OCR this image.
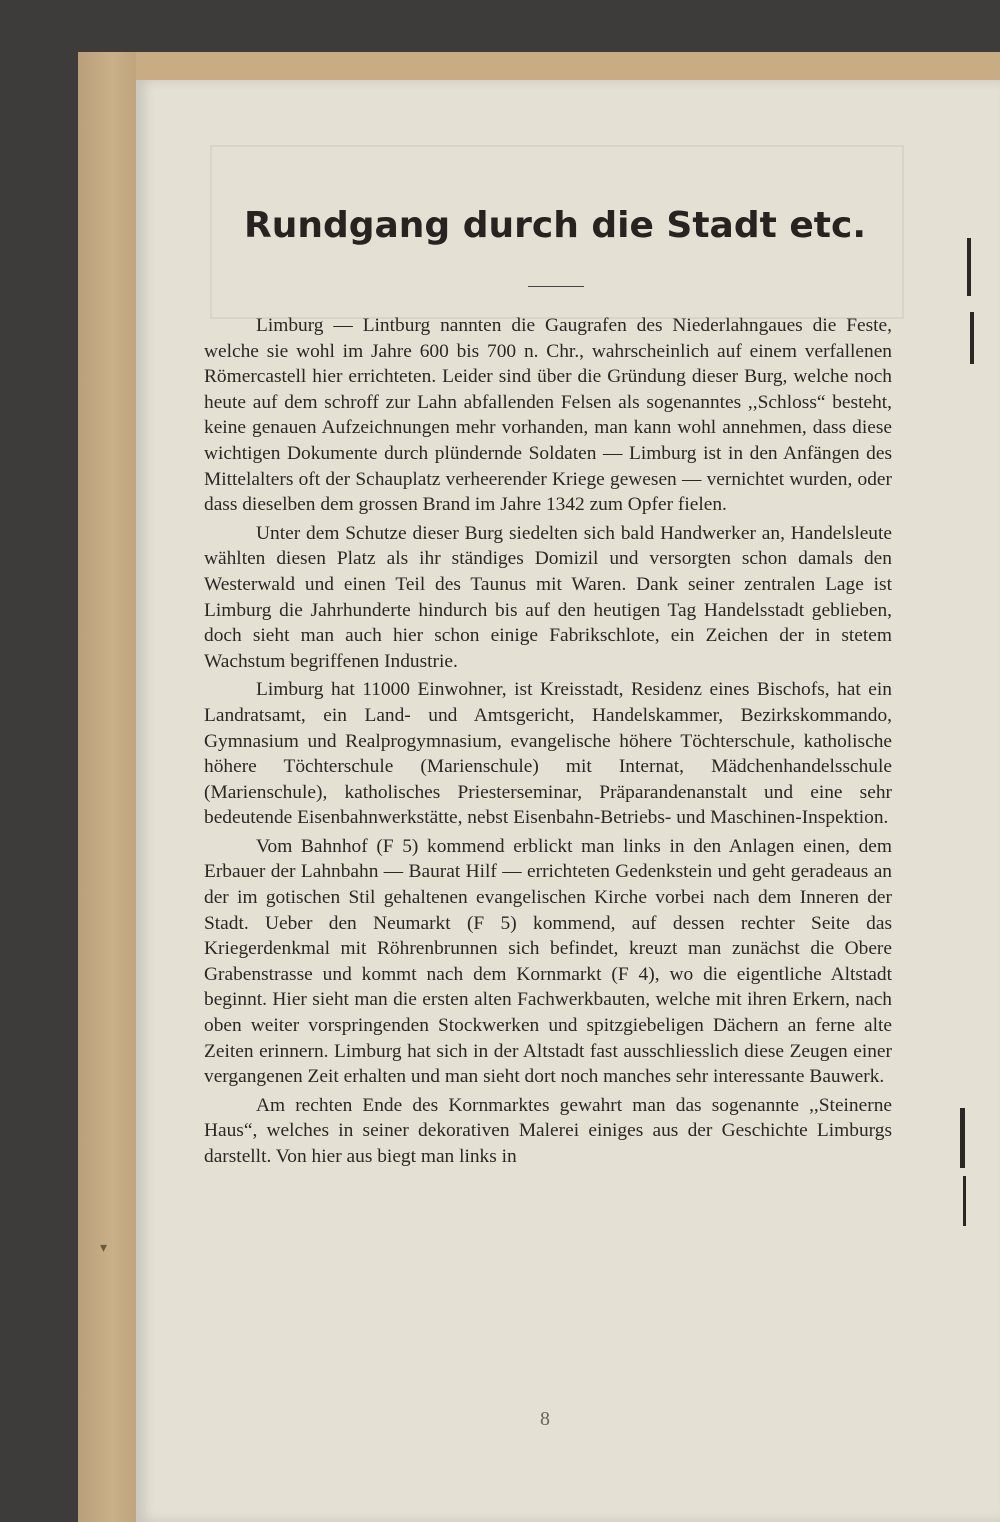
Rundgang durch die Stadt etc.

Limburg — Lintburg nannten die Gaugrafen des Niederlahngaues die Feste, welche sie wohl im Jahre 600 bis 700 n. Chr., wahrscheinlich auf einem verfallenen Römercastell hier errichteten. Leider sind über die Gründung dieser Burg, welche noch heute auf dem schroff zur Lahn abfallenden Felsen als sogenanntes ,,Schloss“ besteht, keine genauen Aufzeichnungen mehr vorhanden, man kann wohl annehmen, dass diese wichtigen Dokumente durch plündernde Soldaten — Limburg ist in den Anfängen des Mittelalters oft der Schauplatz verheerender Kriege gewesen — vernichtet wurden, oder dass dieselben dem grossen Brand im Jahre 1342 zum Opfer fielen.

Unter dem Schutze dieser Burg siedelten sich bald Handwerker an, Handelsleute wählten diesen Platz als ihr ständiges Domizil und versorgten schon damals den Westerwald und einen Teil des Taunus mit Waren. Dank seiner zentralen Lage ist Limburg die Jahrhunderte hindurch bis auf den heutigen Tag Handelsstadt geblieben, doch sieht man auch hier schon einige Fabrikschlote, ein Zeichen der in stetem Wachstum begriffenen Industrie.

Limburg hat 11000 Einwohner, ist Kreisstadt, Residenz eines Bischofs, hat ein Landratsamt, ein Land- und Amtsgericht, Handelskammer, Bezirkskommando, Gymnasium und Realprogymnasium, evangelische höhere Töchterschule, katholische höhere Töchterschule (Marienschule) mit Internat, Mädchenhandelsschule (Marienschule), katholisches Priesterseminar, Präparandenanstalt und eine sehr bedeutende Eisenbahnwerkstätte, nebst Eisenbahn-Betriebs- und Maschinen-Inspektion.

Vom Bahnhof (F 5) kommend erblickt man links in den Anlagen einen, dem Erbauer der Lahnbahn — Baurat Hilf — errichteten Gedenkstein und geht geradeaus an der im gotischen Stil gehaltenen evangelischen Kirche vorbei nach dem Inneren der Stadt. Ueber den Neumarkt (F 5) kommend, auf dessen rechter Seite das Kriegerdenkmal mit Röhrenbrunnen sich befindet, kreuzt man zunächst die Obere Grabenstrasse und kommt nach dem Kornmarkt (F 4), wo die eigentliche Altstadt beginnt. Hier sieht man die ersten alten Fachwerkbauten, welche mit ihren Erkern, nach oben weiter vorspringenden Stockwerken und spitzgiebeligen Dächern an ferne alte Zeiten erinnern. Limburg hat sich in der Altstadt fast ausschliesslich diese Zeugen einer vergangenen Zeit erhalten und man sieht dort noch manches sehr interessante Bauwerk.

Am rechten Ende des Kornmarktes gewahrt man das sogenannte ,,Steinerne Haus“, welches in seiner dekorativen Malerei einiges aus der Geschichte Limburgs darstellt. Von hier aus biegt man links in

8
▾
